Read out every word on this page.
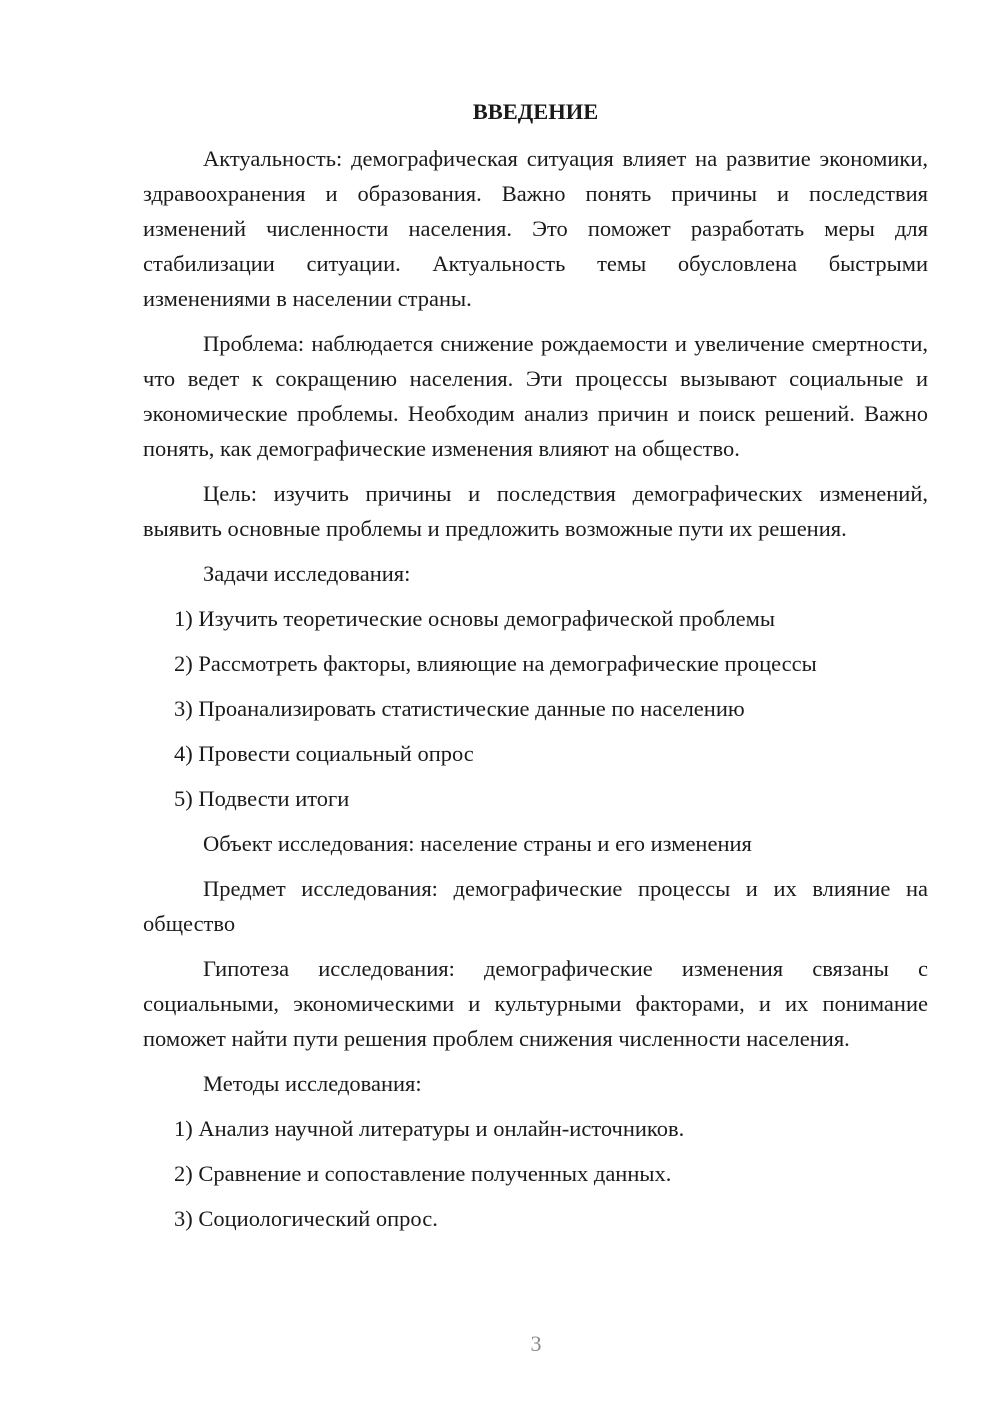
ВВЕДЕНИЕ

Актуальность: демографическая ситуация влияет на развитие экономики, здравоохранения и образования. Важно понять причины и последствия изменений численности населения. Это поможет разработать меры для стабилизации ситуации. Актуальность темы обусловлена быстрыми изменениями в населении страны.

Проблема: наблюдается снижение рождаемости и увеличение смертности, что ведет к сокращению населения. Эти процессы вызывают социальные и экономические проблемы. Необходим анализ причин и поиск решений. Важно понять, как демографические изменения влияют на общество.

Цель: изучить причины и последствия демографических изменений, выявить основные проблемы и предложить возможные пути их решения.

Задачи исследования:

1) Изучить теоретические основы демографической проблемы

2) Рассмотреть факторы, влияющие на демографические процессы

3) Проанализировать статистические данные по населению

4) Провести социальный опрос

5) Подвести итоги

Объект исследования: население страны и его изменения

Предмет исследования: демографические процессы и их влияние на общество

Гипотеза исследования: демографические изменения связаны с социальными, экономическими и культурными факторами, и их понимание поможет найти пути решения проблем снижения численности населения.

Методы исследования:

1) Анализ научной литературы и онлайн-источников.

2) Сравнение и сопоставление полученных данных.

3) Социологический опрос.

3
